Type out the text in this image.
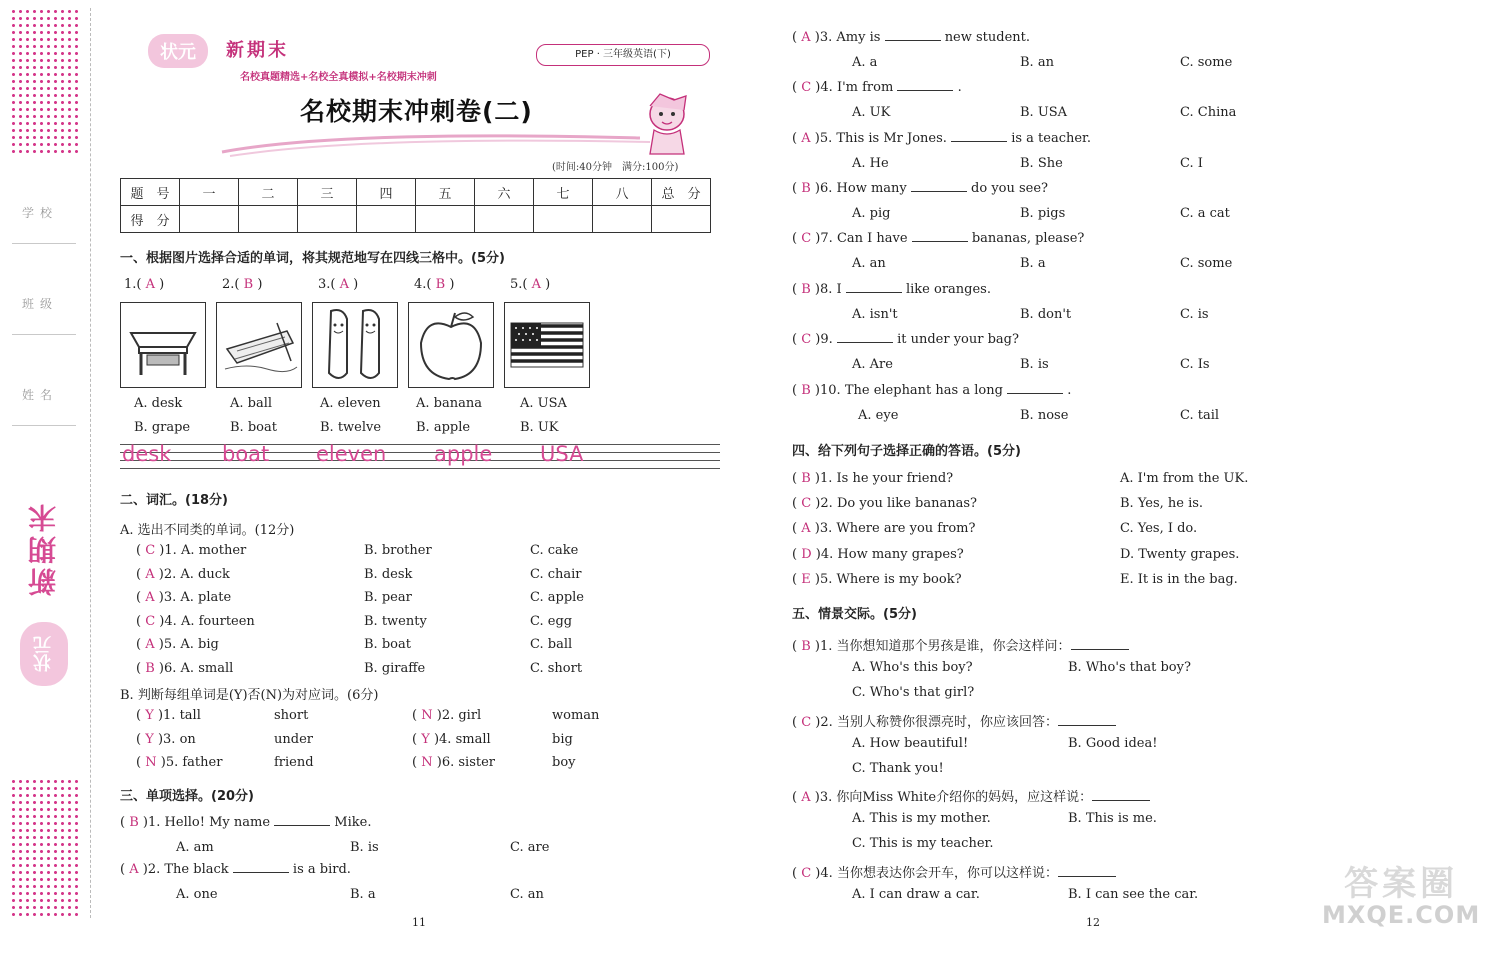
学校
班级
姓名
新期末
状元
状元 新期末
名校真题精选+名校全真模拟+名校期末冲刺
PEP · 三年级英语(下)
名校期末冲刺卷(二)
(时间:40分钟　满分:100分)
题　号	一	二	三	四	五	六	七	八	总　分
得　分									
一、根据图片选择合适的单词，将其规范地写在四线三格中。(5分)
1.( A )	2.( B )	3.( A )	4.( B )	5.( A )
A. desk
B. grape
A. ball
B. boat
A. eleven
B. twelve
A. banana
B. apple
A. USA
B. UK
desk boat eleven apple USA
二、词汇。(18分)
A. 选出不同类的单词。(12分)
( C )1. A. mother	B. brother	C. cake
( A )2. A. duck	B. desk	C. chair
( A )3. A. plate	B. pear	C. apple
( C )4. A. fourteen	B. twenty	C. egg
( A )5. A. big	B. boat	C. ball
( B )6. A. small	B. giraffe	C. short
B. 判断每组单词是(Y)否(N)为对应词。(6分)
( Y )1. tall	short	( N )2. girl	woman
( Y )3. on	under	( Y )4. small	big
( N )5. father	friend	( N )6. sister	boy
三、单项选择。(20分)
( B )1. Hello! My name	Mike.
A. am	B. is	C. are
( A )2. The black	is a bird.
A. one	B. a	C. an
( A )3. Amy is	new student.
A. a	B. an	C. some
( C )4. I'm from	.
A. UK	B. USA	C. China
( A )5. This is Mr Jones.	is a teacher.
A. He	B. She	C. I
( B )6. How many	do you see?
A. pig	B. pigs	C. a cat
( C )7. Can I have	bananas, please?
A. an	B. a	C. some
( B )8. I	like oranges.
A. isn't	B. don't	C. is
( C )9.	it under your bag?
A. Are	B. is	C. Is
( B )10. The elephant has a long	.
A. eye	B. nose	C. tail
四、给下列句子选择正确的答语。(5分)
( B )1. Is he your friend?	A. I'm from the UK.
( C )2. Do you like bananas?	B. Yes, he is.
( A )3. Where are you from?	C. Yes, I do.
( D )4. How many grapes?	D. Twenty grapes.
( E )5. Where is my book?	E. It is in the bag.
五、情景交际。(5分)
( B )1. 当你想知道那个男孩是谁，你会这样问：
A. Who's this boy?	B. Who's that boy?
C. Who's that girl?
( C )2. 当别人称赞你很漂亮时，你应该回答：
A. How beautiful!	B. Good idea!
C. Thank you!
( A )3. 你向Miss White介绍你的妈妈，应这样说：
A. This is my mother.	B. This is me.
C. This is my teacher.
( C )4. 当你想表达你会开车，你可以这样说：
A. I can draw a car.	B. I can see the car.
11	12
答案圈
MXQE.COM
